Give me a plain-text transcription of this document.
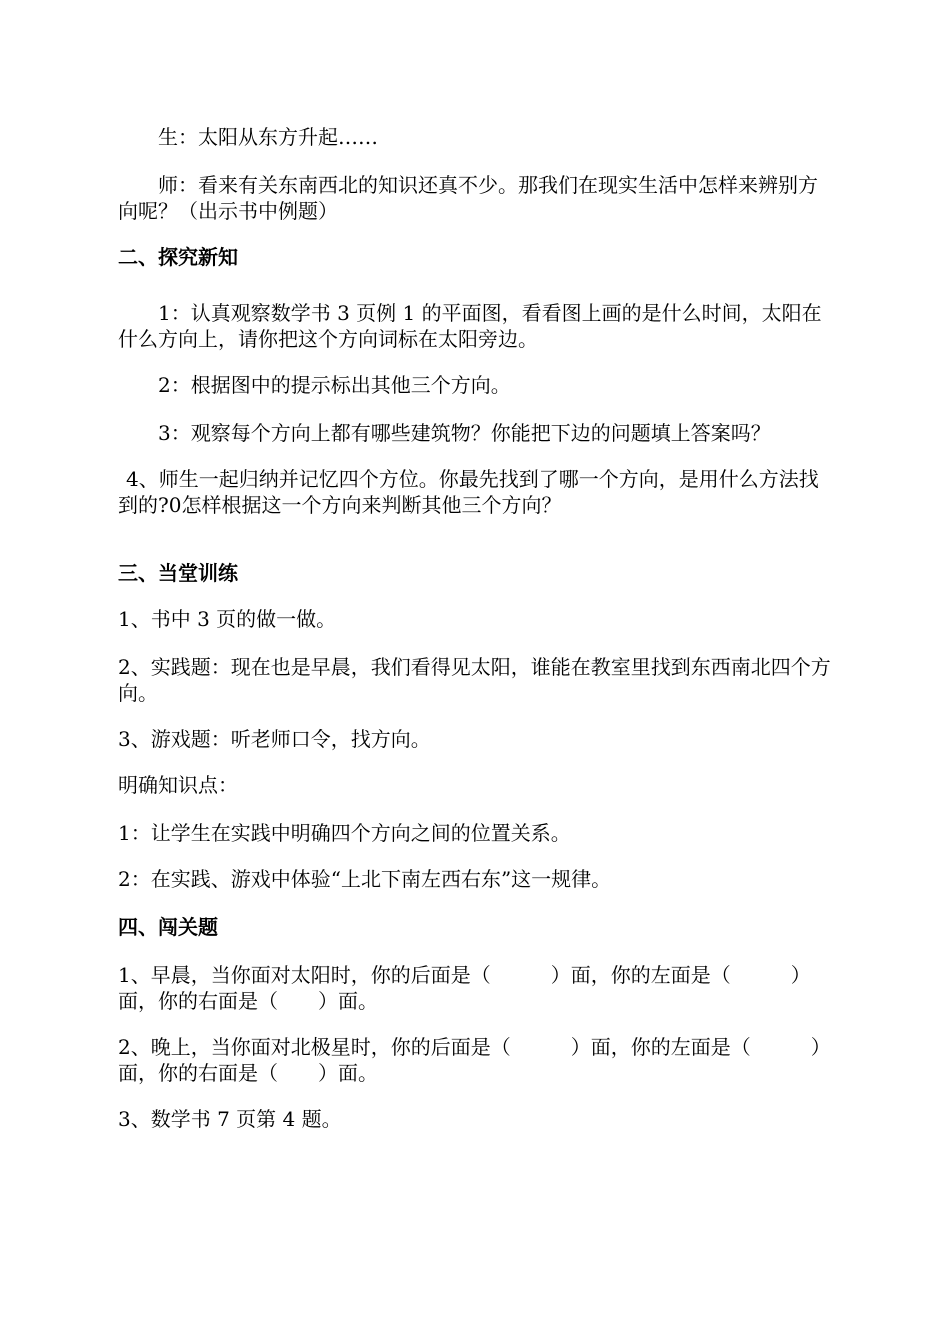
生：太阳从东方升起……

师：看来有关东南西北的知识还真不少。那我们在现实生活中怎样来辨别方向呢？（出示书中例题）

二、探究新知

1：认真观察数学书 3 页例 1 的平面图，看看图上画的是什么时间，太阳在什么方向上，请你把这个方向词标在太阳旁边。

2：根据图中的提示标出其他三个方向。

3：观察每个方向上都有哪些建筑物？你能把下边的问题填上答案吗？

4、师生一起归纳并记忆四个方位。你最先找到了哪一个方向，是用什么方法找到的?0怎样根据这一个方向来判断其他三个方向？

三、当堂训练

1、书中 3 页的做一做。

2、实践题：现在也是早晨，我们看得见太阳，谁能在教室里找到东西南北四个方向。

3、游戏题：听老师口令，找方向。

明确知识点：

1：让学生在实践中明确四个方向之间的位置关系。

2：在实践、游戏中体验“上北下南左西右东”这一规律。

四、闯关题

1、早晨，当你面对太阳时，你的后面是（　　　）面，你的左面是（　　　）面，你的右面是（　　）面。

2、晚上，当你面对北极星时，你的后面是（　　　）面，你的左面是（　　　）面，你的右面是（　　）面。

3、数学书 7 页第 4 题。
